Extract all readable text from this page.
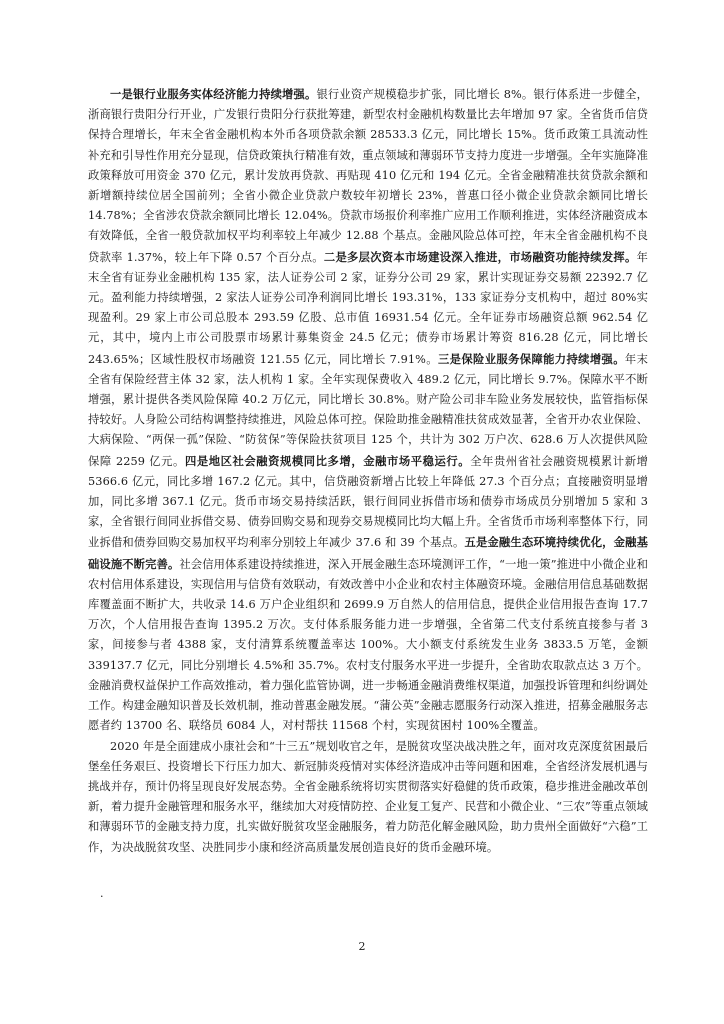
一是银行业服务实体经济能力持续增强。银行业资产规模稳步扩张，同比增长 8%。银行体系进一步健全，浙商银行贵阳分行开业，广发银行贵阳分行获批筹建，新型农村金融机构数量比去年增加 97 家。全省货币信贷保持合理增长，年末全省金融机构本外币各项贷款余额 28533.3 亿元，同比增长 15%。货币政策工具流动性补充和引导性作用充分显现，信贷政策执行精准有效，重点领域和薄弱环节支持力度进一步增强。全年实施降准政策释放可用资金 370 亿元，累计发放再贷款、再贴现 410 亿元和 194 亿元。全省金融精准扶贫贷款余额和新增额持续位居全国前列；全省小微企业贷款户数较年初增长 23%，普惠口径小微企业贷款余额同比增长 14.78%；全省涉农贷款余额同比增长 12.04%。贷款市场报价利率推广应用工作顺利推进，实体经济融资成本有效降低，全省一般贷款加权平均利率较上年减少 12.88 个基点。金融风险总体可控，年末全省金融机构不良贷款率 1.37%，较上年下降 0.57 个百分点。二是多层次资本市场建设深入推进，市场融资功能持续发挥。年末全省有证券业金融机构 135 家，法人证券公司 2 家，证券分公司 29 家，累计实现证券交易额 22392.7 亿元。盈利能力持续增强，2 家法人证券公司净利润同比增长 193.31%，133 家证券分支机构中，超过 80%实现盈利。29 家上市公司总股本 293.59 亿股、总市值 16931.54 亿元。全年证券市场融资总额 962.54 亿元，其中，境内上市公司股票市场累计募集资金 24.5 亿元；债券市场累计筹资 816.28 亿元，同比增长 243.65%；区域性股权市场融资 121.55 亿元，同比增长 7.91%。三是保险业服务保障能力持续增强。年末全省有保险经营主体 32 家，法人机构 1 家。全年实现保费收入 489.2 亿元，同比增长 9.7%。保障水平不断增强，累计提供各类风险保障 40.2 万亿元，同比增长 30.8%。财产险公司非车险业务发展较快，监管指标保持较好。人身险公司结构调整持续推进，风险总体可控。保险助推金融精准扶贫成效显著，全省开办农业保险、大病保险、“两保一孤”保险、“防贫保”等保险扶贫项目 125 个，共计为 302 万户次、628.6 万人次提供风险保障 2259 亿元。四是地区社会融资规模同比多增，金融市场平稳运行。全年贵州省社会融资规模累计新增 5366.6 亿元，同比多增 167.2 亿元。其中，信贷融资新增占比较上年降低 27.3 个百分点；直接融资明显增加，同比多增 367.1 亿元。货币市场交易持续活跃，银行间同业拆借市场和债券市场成员分别增加 5 家和 3 家，全省银行间同业拆借交易、债券回购交易和现券交易规模同比均大幅上升。全省货币市场利率整体下行，同业拆借和债券回购交易加权平均利率分别较上年减少 37.6 和 39 个基点。五是金融生态环境持续优化，金融基础设施不断完善。社会信用体系建设持续推进，深入开展金融生态环境测评工作，“一地一策”推进中小微企业和农村信用体系建设，实现信用与信贷有效联动，有效改善中小企业和农村主体融资环境。金融信用信息基础数据库覆盖面不断扩大，共收录 14.6 万户企业组织和 2699.9 万自然人的信用信息，提供企业信用报告查询 17.7 万次，个人信用报告查询 1395.2 万次。支付体系服务能力进一步增强，全省第二代支付系统直接参与者 3 家，间接参与者 4388 家，支付清算系统覆盖率达 100%。大小额支付系统发生业务 3833.5 万笔，金额 339137.7 亿元，同比分别增长 4.5%和 35.7%。农村支付服务水平进一步提升，全省助农取款点达 3 万个。金融消费权益保护工作高效推动，着力强化监管协调，进一步畅通金融消费维权渠道，加强投诉管理和纠纷调处工作。构建金融知识普及长效机制，推动普惠金融发展。“蒲公英”金融志愿服务行动深入推进，招募金融服务志愿者约 13700 名、联络员 6084 人，对村帮扶 11568 个村，实现贫困村 100%全覆盖。

2020 年是全面建成小康社会和“十三五”规划收官之年，是脱贫攻坚决战决胜之年，面对攻克深度贫困最后堡垒任务艰巨、投资增长下行压力加大、新冠肺炎疫情对实体经济造成冲击等问题和困难，全省经济发展机遇与挑战并存，预计仍将呈现良好发展态势。全省金融系统将切实贯彻落实好稳健的货币政策，稳步推进金融改革创新，着力提升金融管理和服务水平，继续加大对疫情防控、企业复工复产、民营和小微企业、“三农”等重点领域和薄弱环节的金融支持力度，扎实做好脱贫攻坚金融服务，着力防范化解金融风险，助力贵州全面做好“六稳”工作，为决战脱贫攻坚、决胜同步小康和经济高质量发展创造良好的货币金融环境。

.
2
